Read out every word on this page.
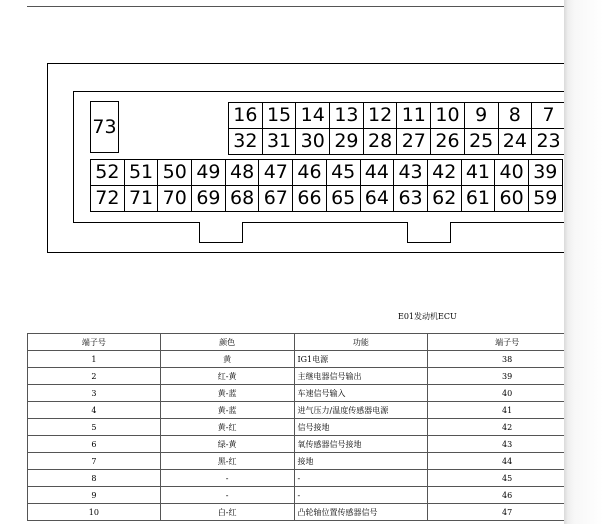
73
16 15 14 13 12 11 10 9	8	7
32 31 30 29 28 27 26 25 24 23
52 51 50 49 48 47 46 45 44 43 42 41 40 39
72 71 70 69 68 67 66 65 64 63 62 61 60 59
E01发动机ECU
端子号	颜色	功能	端子号
1	黄	IG1电源	38
2	红-黄	主继电器信号输出	39
3	黄-蓝	车速信号输入	40
4	黄-蓝	进气压力/温度传感器电源	41
5	黄-红	信号接地	42
6	绿-黄	氧传感器信号接地	43
7	黑-红	接地	44
8	-	-	45
9	-	-	46
10	白-红	凸轮轴位置传感器信号	47
